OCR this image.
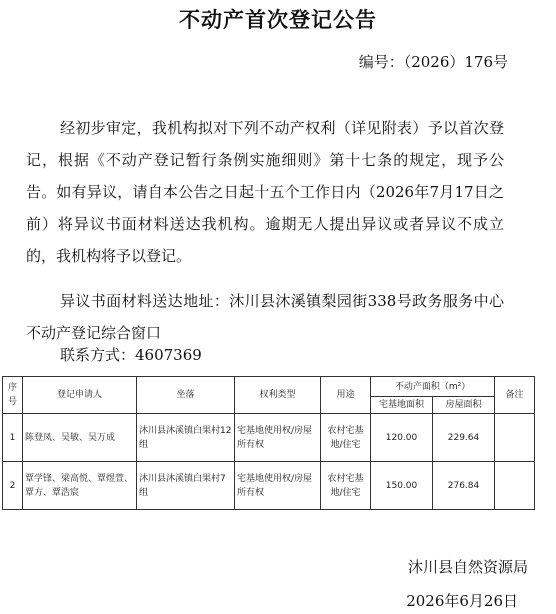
不动产首次登记公告
编号：（2026）176号

经初步审定，我机构拟对下列不动产权利（详见附表）予以首次登记，根据《不动产登记暂行条例实施细则》第十七条的规定，现予公告。如有异议，请自本公告之日起十五个工作日内（2026年7月17日之前）将异议书面材料送达我机构。逾期无人提出异议或者异议不成立的，我机构将予以登记。

异议书面材料送达地址：沐川县沐溪镇梨园街338号政务服务中心不动产登记综合窗口

联系方式：4607369
序号	登记申请人	坐落	权利类型	用途	不动产面积（m²）		备注
					宅基地面积	房屋面积	
1	陈登凤、吴敏、吴万成	沐川县沐溪镇白果村12组	宅基地使用权/房屋所有权	农村宅基地/住宅	120.00	229.64	
2	覃学锋、梁高悦、覃煜萱、覃方、覃浩宸	沐川县沐溪镇白果村7组	宅基地使用权/房屋所有权	农村宅基地/住宅	150.00	276.84	
沐川县自然资源局
2026年6月26日
